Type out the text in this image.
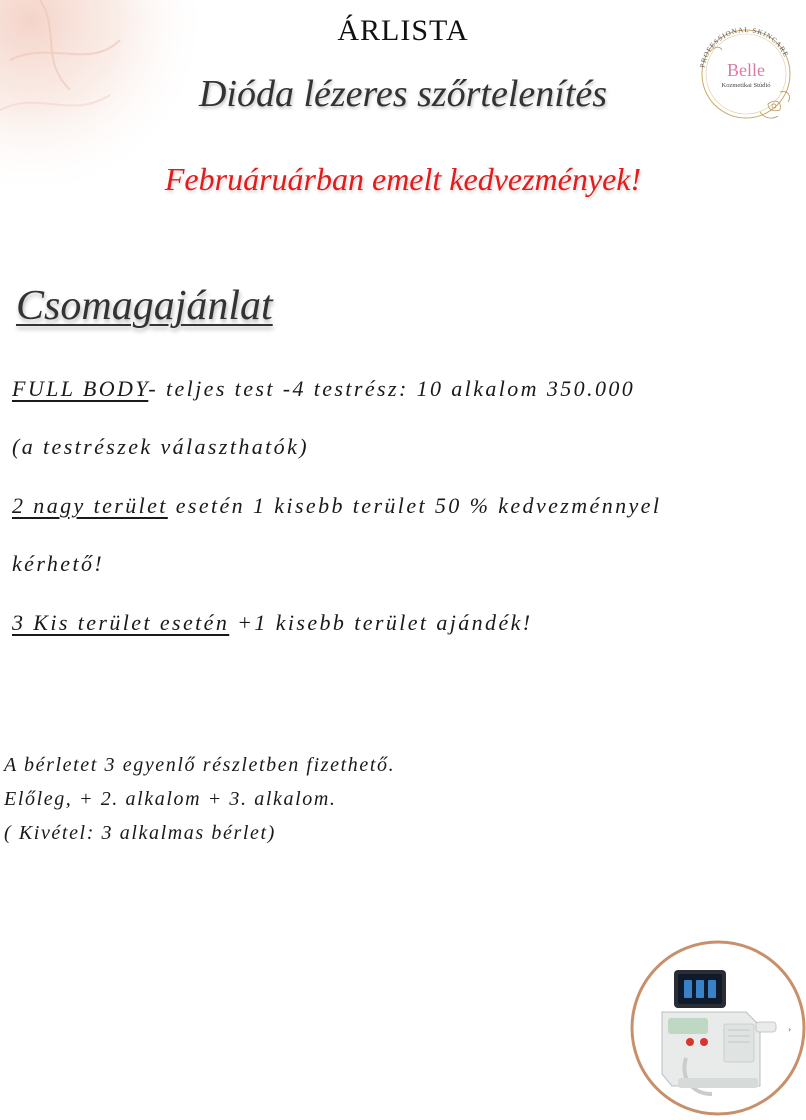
ÁRLISTA
Dióda lézeres szőrtelenítés
Februáruárban emelt kedvezmények!
PROFESSIONAL SKINCARE
Belle
Kozmetikai Stúdió
Csomagajánlat

FULL BODY- teljes test -4 testrész: 10 alkalom 350.000

(a testrészek választhatók)

2 nagy terület esetén 1 kisebb terület 50 % kedvezménnyel

kérhető!

3 Kis terület esetén +1 kisebb terület ajándék!

A bérletet 3 egyenlő részletben fizethető.

Előleg, + 2. alkalom + 3. alkalom.

( Kivétel: 3 alkalmas bérlet)

›
